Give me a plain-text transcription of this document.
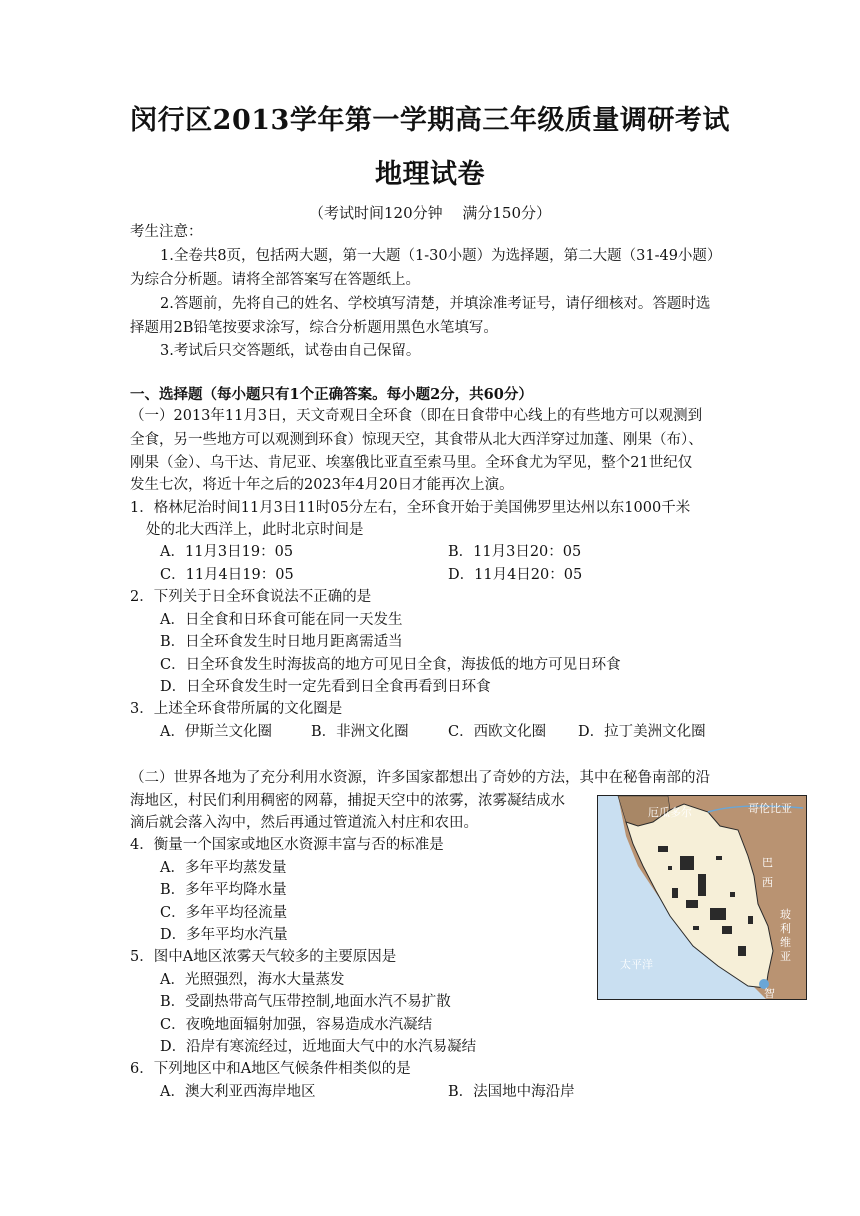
闵行区2013学年第一学期高三年级质量调研考试
地理试卷
（考试时间120分钟　 满分150分）
考生注意：
1.全卷共8页，包括两大题，第一大题（1-30小题）为选择题，第二大题（31-49小题）
为综合分析题。请将全部答案写在答题纸上。
2.答题前，先将自己的姓名、学校填写清楚，并填涂准考证号，请仔细核对。答题时选
择题用2B铅笔按要求涂写，综合分析题用黑色水笔填写。
3.考试后只交答题纸，试卷由自己保留。
一、选择题（每小题只有1个正确答案。每小题2分，共60分）
（一）2013年11月3日，天文奇观日全环食（即在日食带中心线上的有些地方可以观测到
全食，另一些地方可以观测到环食）惊现天空，其食带从北大西洋穿过加蓬、刚果（布）、
刚果（金）、乌干达、肯尼亚、埃塞俄比亚直至索马里。全环食尤为罕见，整个21世纪仅
发生七次，将近十年之后的2023年4月20日才能再次上演。
1．格林尼治时间11月3日11时05分左右，全环食开始于美国佛罗里达州以东1000千米
处的北大西洋上，此时北京时间是
A．11月3日19：05	B．11月3日20：05
C．11月4日19：05	D．11月4日20：05
2．下列关于日全环食说法不正确的是
A．日全食和日环食可能在同一天发生
B．日全环食发生时日地月距离需适当
C．日全环食发生时海拔高的地方可见日全食，海拔低的地方可见日环食
D．日全环食发生时一定先看到日全食再看到日环食
3．上述全环食带所属的文化圈是
A．伊斯兰文化圈	B．非洲文化圈	C．西欧文化圈 D．拉丁美洲文化圈
（二）世界各地为了充分利用水资源，许多国家都想出了奇妙的方法，其中在秘鲁南部的沿
海地区，村民们利用稠密的网幕，捕捉天空中的浓雾，浓雾凝结成水
滴后就会落入沟中，然后再通过管道流入村庄和农田。
4．衡量一个国家或地区水资源丰富与否的标准是
A．多年平均蒸发量
B．多年平均降水量
C．多年平均径流量
D．多年平均水汽量
5．图中A地区浓雾天气较多的主要原因是
A．光照强烈，海水大量蒸发
B．受副热带高气压带控制,地面水汽不易扩散
C．夜晚地面辐射加强，容易造成水汽凝结
D．沿岸有寒流经过，近地面大气中的水汽易凝结
6．下列地区中和A地区气候条件相类似的是
A．澳大利亚西海岸地区	B．法国地中海沿岸
厄瓜多尔	哥伦比亚
巴
西
玻
利
维
亚
太平洋
智
